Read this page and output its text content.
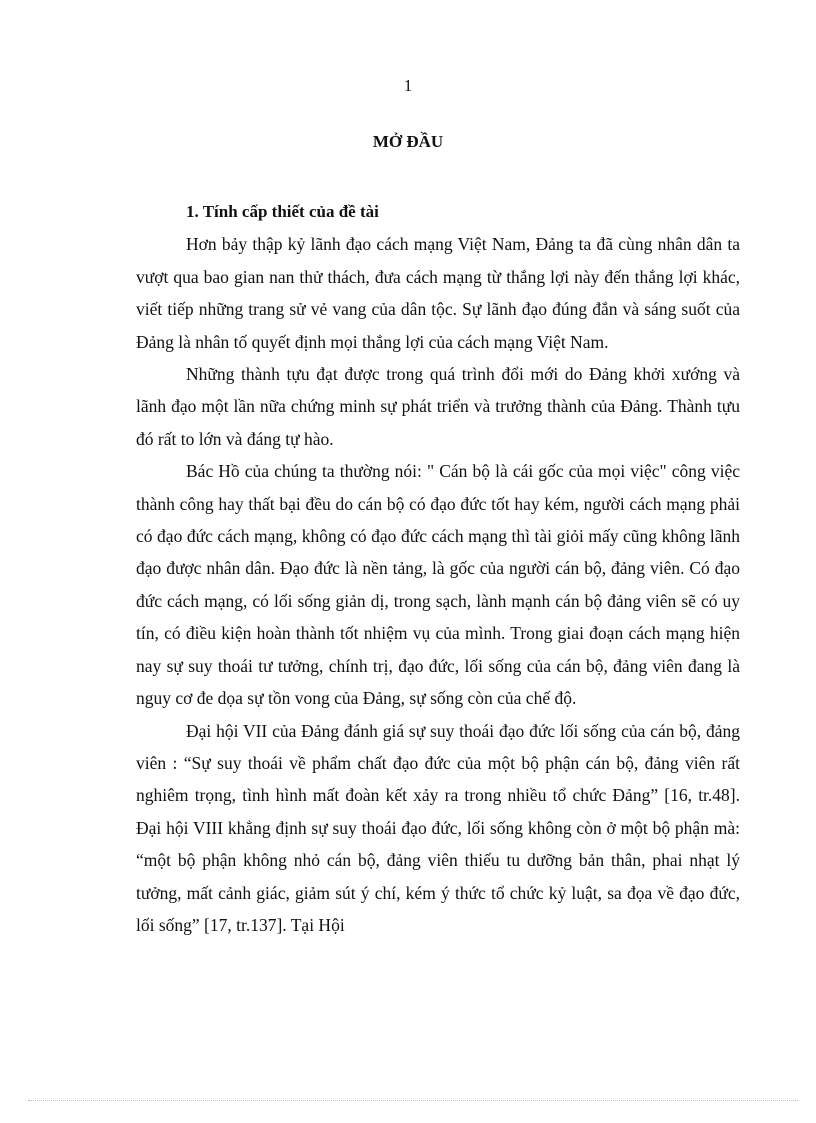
1
MỞ ĐẦU

1. Tính cấp thiết của đề tài

Hơn bảy thập kỷ lãnh đạo cách mạng Việt Nam, Đảng ta đã cùng nhân dân ta vượt qua bao gian nan thử thách, đưa cách mạng từ thắng lợi này đến thắng lợi khác, viết tiếp những trang sử vẻ vang của dân tộc. Sự lãnh đạo đúng đắn và sáng suốt của Đảng là nhân tố quyết định mọi thắng lợi của cách mạng Việt Nam.

Những thành tựu đạt được trong quá trình đổi mới do Đảng khởi xướng và lãnh đạo một lần nữa chứng minh sự phát triển và trưởng thành của Đảng. Thành tựu đó rất to lớn và đáng tự hào.

Bác Hồ của chúng ta thường nói: " Cán bộ là cái gốc của mọi việc" công việc thành công hay thất bại đều do cán bộ có đạo đức tốt hay kém, người cách mạng phải có đạo đức cách mạng, không có đạo đức cách mạng thì tài giỏi mấy cũng không lãnh đạo được nhân dân. Đạo đức là nền tảng, là gốc của người cán bộ, đảng viên. Có đạo đức cách mạng, có lối sống giản dị, trong sạch, lành mạnh cán bộ đảng viên sẽ có uy tín, có điều kiện hoàn thành tốt nhiệm vụ của mình. Trong giai đoạn cách mạng hiện nay sự suy thoái tư tưởng, chính trị, đạo đức, lối sống của cán bộ, đảng viên đang là nguy cơ đe dọa sự tồn vong của Đảng, sự sống còn của chế độ.

Đại hội VII của Đảng đánh giá sự suy thoái đạo đức lối sống của cán bộ, đảng viên : “Sự suy thoái về phẩm chất đạo đức của một bộ phận cán bộ, đảng viên rất nghiêm trọng, tình hình mất đoàn kết xảy ra trong nhiều tổ chức Đảng” [16, tr.48]. Đại hội VIII khẳng định sự suy thoái đạo đức, lối sống không còn ở một bộ phận mà: “một bộ phận không nhỏ cán bộ, đảng viên thiếu tu dưỡng bản thân, phai nhạt lý tưởng, mất cảnh giác, giảm sút ý chí, kém ý thức tổ chức kỷ luật, sa đọa về đạo đức, lối sống” [17, tr.137]. Tại Hội
